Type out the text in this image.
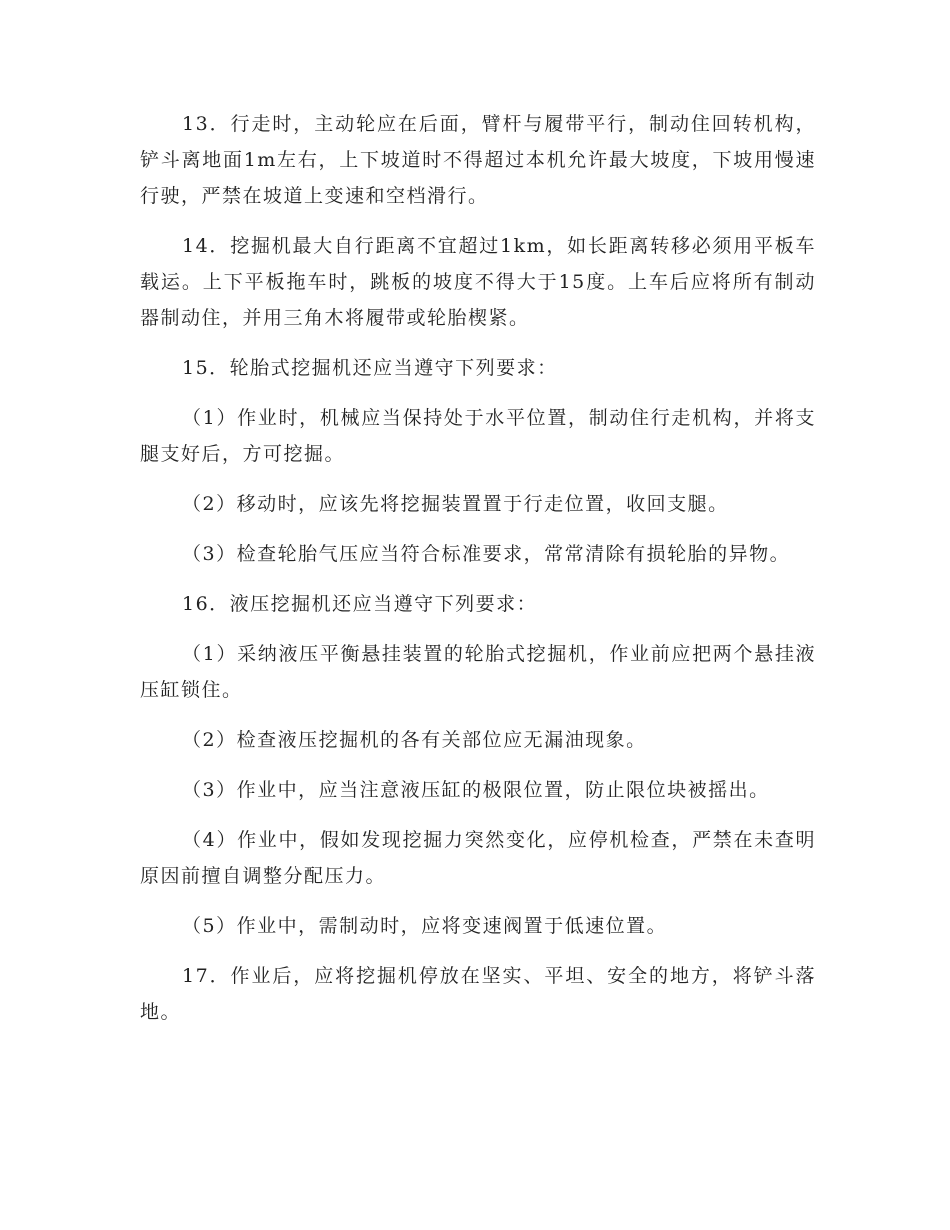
13．行走时，主动轮应在后面，臂杆与履带平行，制动住回转机构，铲斗离地面1m左右，上下坡道时不得超过本机允许最大坡度，下坡用慢速行驶，严禁在坡道上变速和空档滑行。

14．挖掘机最大自行距离不宜超过1km，如长距离转移必须用平板车载运。上下平板拖车时，跳板的坡度不得大于15度。上车后应将所有制动器制动住，并用三角木将履带或轮胎楔紧。

15．轮胎式挖掘机还应当遵守下列要求：

（1）作业时，机械应当保持处于水平位置，制动住行走机构，并将支腿支好后，方可挖掘。

（2）移动时，应该先将挖掘装置置于行走位置，收回支腿。

（3）检查轮胎气压应当符合标准要求，常常清除有损轮胎的异物。

16．液压挖掘机还应当遵守下列要求：

（1）采纳液压平衡悬挂装置的轮胎式挖掘机，作业前应把两个悬挂液压缸锁住。

（2）检查液压挖掘机的各有关部位应无漏油现象。

（3）作业中，应当注意液压缸的极限位置，防止限位块被摇出。

（4）作业中，假如发现挖掘力突然变化，应停机检查，严禁在未查明原因前擅自调整分配压力。

（5）作业中，需制动时，应将变速阀置于低速位置。

17．作业后，应将挖掘机停放在坚实、平坦、安全的地方，将铲斗落地。
